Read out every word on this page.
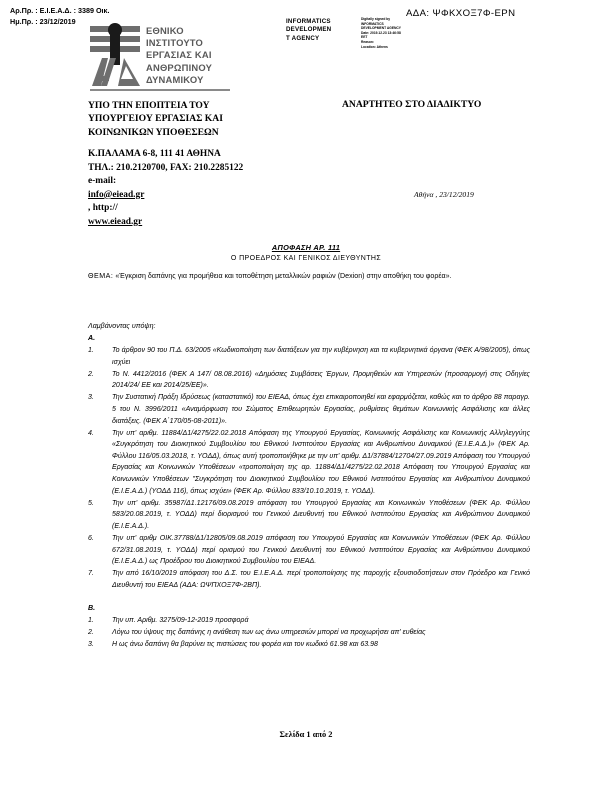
Αρ.Πρ. : Ε.Ι.Ε.Α.Δ. : 3389 Οικ.
Ημ.Πρ. : 23/12/2019
ΑΔΑ: ΨΦΚΧΟΞ7Φ-ΕΡΝ
INFORMATICS
DEVELOPMEN
T AGENCY
Digitally signed by
INFORMATICS
DEVELOPMENT AGENCY
Date: 2019.12.23 13:46:58
EET
Reason:
Location: Athens
ΕΘΝΙΚΟ
ΙΝΣΤΙΤΟΥΤΟ
ΕΡΓΑΣΙΑΣ ΚΑΙ
ΑΝΘΡΩΠΙΝΟΥ
ΔΥΝΑΜΙΚΟΥ
ΥΠΟ ΤΗΝ ΕΠΟΠΤΕΙΑ ΤΟΥ
ΥΠΟΥΡΓΕΙΟΥ ΕΡΓΑΣΙΑΣ ΚΑΙ
ΚΟΙΝΩΝΙΚΩΝ ΥΠΟΘΕΣΕΩΝ
ΑΝΑΡΤΗΤΕΟ ΣΤΟ ΔΙΑΔΙΚΤΥΟ
Κ.ΠΑΛΑΜΑ 6-8, 111 41 ΑΘΗΝΑ
ΤΗΛ.: 210.2120700, FAX: 210.2285122
e-mail:
info@eiead.gr
, http://
www.eiead.gr
Αθήνα , 23/12/2019
ΑΠΟΦΑΣΗ ΑΡ. 111
Ο ΠΡΟΕΔΡΟΣ ΚΑΙ ΓΕΝΙΚΟΣ ΔΙΕΥΘΥΝΤΗΣ
ΘΕΜΑ: «Έγκριση δαπάνης για προμήθεια και τοποθέτηση μεταλλικών ραφιών (Dexion) στην αποθήκη του φορέα».
Λαμβάνοντας υπόψη:
Α.
1.	Το άρθρον 90 του Π.Δ. 63/2005 «Κωδικοποίηση των διατάξεων για την κυβέρνηση και τα κυβερνητικά όργανα (ΦΕΚ Α/98/2005), όπως ισχύει
2.	Το Ν. 4412/2016 (ΦΕΚ Α 147/ 08.08.2016) «Δημόσιες Συμβάσεις Έργων, Προμηθειών και Υπηρεσιών (προσαρμογή στις Οδηγίες 2014/24/ ΕΕ και 2014/25/ΕΕ)».
3.	Την Συστατική Πράξη Ιδρύσεως (καταστατικό) του ΕΙΕΑΔ, όπως έχει επικαιροποιηθεί και εφαρμόζεται, καθώς και το άρθρο 88 παραγρ. 5 του Ν. 3996/2011 «Αναμόρφωση του Σώματος Επιθεωρητών Εργασίας, ρυθμίσεις θεμάτων Κοινωνικής Ασφάλισης και άλλες διατάξεις. (ΦΕΚ Α΄170/05-08-2011)».
4.	Την υπ' αριθμ. 11884/Δ1/4275/22.02.2018 Απόφαση της Υπουργού Εργασίας, Κοινωνικής Ασφάλισης και Κοινωνικής Αλληλεγγύης «Συγκρότηση του Διοικητικού Συμβουλίου του Εθνικού Ινστιτούτου Εργασίας και Ανθρωπίνου Δυναμικού (Ε.Ι.Ε.Α.Δ.)» (ΦΕΚ Αρ. Φύλλου 116/05.03.2018, τ. ΥΟΔΔ), όπως αυτή τροποποιήθηκε με την υπ' αριθμ. Δ1/37884/12704/27.09.2019 Απόφαση του Υπουργού Εργασίας και Κοινωνικών Υποθέσεων «τροποποίηση της αρ. 11884/Δ1/4275/22.02.2018 Απόφαση του Υπουργού Εργασίας και Κοινωνικών Υποθέσεων "Συγκρότηση του Διοικητικού Συμβουλίου του Εθνικού Ινστιτούτου Εργασίας και Ανθρωπίνου Δυναμικού (Ε.Ι.Ε.Α.Δ.) (ΥΟΔΔ 116), όπως ισχύει» (ΦΕΚ Αρ. Φύλλου 833/10.10.2019, τ. ΥΟΔΔ).
5.	Την υπ' αριθμ. 35987/Δ1.12176/09.08.2019 απόφαση του Υπουργού Εργασίας και Κοινωνικών Υποθέσεων (ΦΕΚ Αρ. Φύλλου 583/20.08.2019, τ. ΥΟΔΔ) περί διορισμού του Γενικού Διευθυντή του Εθνικού Ινστιτούτου Εργασίας και Ανθρώπινου Δυναμικού (Ε.Ι.Ε.Α.Δ.).
6.	Την υπ' αριθμ ΟΙΚ.37788/Δ1/12805/09.08.2019 απόφαση του Υπουργού Εργασίας και Κοινωνικών Υποθέσεων (ΦΕΚ Αρ. Φύλλου 672/31.08.2019, τ. ΥΟΔΔ) περί ορισμού του Γενικού Διευθυντή του Εθνικού Ινστιτούτου Εργασίας και Ανθρώπινου Δυναμικού (Ε.Ι.Ε.Α.Δ.) ως Προέδρου του Διοικητικού Συμβουλίου του ΕΙΕΑΔ.
7.	Την από 16/10/2019 απόφαση του Δ.Σ. του Ε.Ι.Ε.Α.Δ. περί τροποποίησης της παροχής εξουσιοδοτήσεων στον Πρόεδρο και Γενικό Διευθυντή του ΕΙΕΑΔ (ΑΔΑ: ΩΨΠΧΟΞ7Φ-2ΒΠ).
Β.
1.	Την υπ. Αριθμ. 3275/09-12-2019 προσφορά
2.	Λόγω του ύψους της δαπάνης η ανάθεση των ως άνω υπηρεσιών μπορεί να προχωρήσει απ' ευθείας
3.	Η ως άνω δαπάνη θα βαρύνει τις πιστώσεις του φορέα και τον κωδικό 61.98 και 63.98
Σελίδα 1 από 2
